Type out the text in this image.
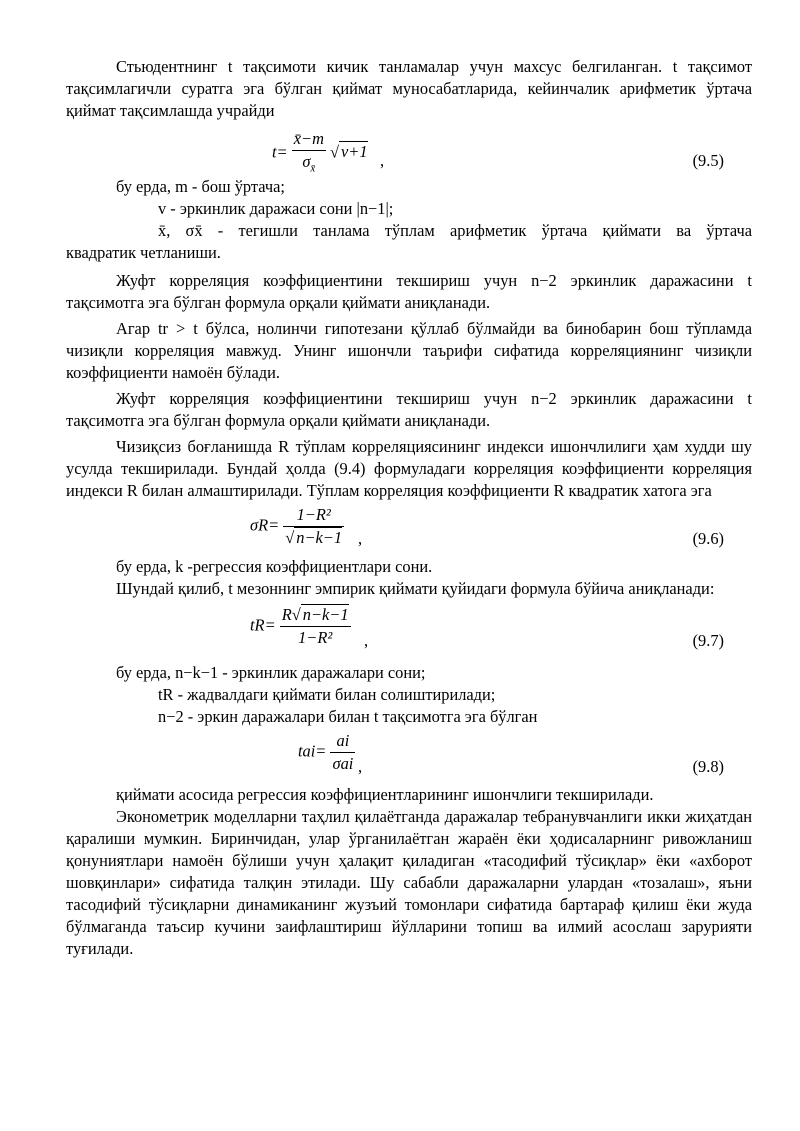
Стьюдентнинг t тақсимоти кичик танламалар учун махсус белгиланган. t тақсимот тақсимлагичли суратга эга бўлган қиймат муносабатларида, кейинчалик арифметик ўртача қиймат тақсимлашда учрайди

$t= \frac{x̄-m}{\sigma_{x̄}}$ √ v+1 ,	(9.5)

бу ерда, m - бош ўртача;

v - эркинлик даражаси сони |n−1|;

x̄, σx̄ - тегишли танлама тўплам арифметик ўртача қиймати ва ўртача

квадратик четланиши.

Жуфт корреляция коэффициентини текшириш учун n−2 эркинлик даражасини t тақсимотга эга бўлган формула орқали қиймати аниқланади.

Агар tr > t бўлса, нолинчи гипотезани қўллаб бўлмайди ва бинобарин бош тўпламда чизиқли корреляция мавжуд. Унинг ишончли таърифи сифатида корреляциянинг чизиқли коэффициенти намоён бўлади.

Жуфт корреляция коэффициентини текшириш учун n−2 эркинлик даражасини t тақсимотга эга бўлган формула орқали қиймати аниқланади.

Чизиқсиз боғланишда R тўплам корреляциясининг индекси ишончлилиги ҳам худди шу усулда текширилади. Бундай ҳолда (9.4) формуладаги корреляция коэффициенти корреляция индекси R билан алмаштирилади. Тўплам корреляция коэффициенти R квадратик хатога эга

$\sigma R= \frac{\text{1−R²}}{√ n-k-1}$ ,	(9.6)

бу ерда, k -регрессия коэффициентлари сони.

Шундай қилиб, t мезоннинг эмпирик қиймати қуйидаги формула бўйича аниқланади:

$tR= \frac{R√ n-k-1}{\text{1−R²}}$ ,	(9.7)

бу ерда, n−k−1 - эркинлик даражалари сони;

tR - жадвалдаги қиймати билан солиштирилади;

n−2 - эркин даражалари билан t тақсимотга эга бўлган

$tai= \frac{ai}{\text{σai}}$ ,	(9.8)

қиймати асосида регрессия коэффициентларининг ишончлиги текширилади.

Эконометрик моделларни таҳлил қилаётганда даражалар тебранувчанлиги икки жиҳатдан қаралиши мумкин. Биринчидан, улар ўрганилаётган жараён ёки ҳодисаларнинг ривожланиш қонуниятлари намоён бўлиши учун ҳалақит қиладиган «тасодифий тўсиқлар» ёки «ахборот шовқинлари» сифатида талқин этилади. Шу сабабли даражаларни улардан «тозалаш», яъни тасодифий тўсиқларни динамиканинг жузъий томонлари сифатида бартараф қилиш ёки жуда бўлмаганда таъсир кучини заифлаштириш йўлларини топиш ва илмий асослаш зарурияти туғилади.
